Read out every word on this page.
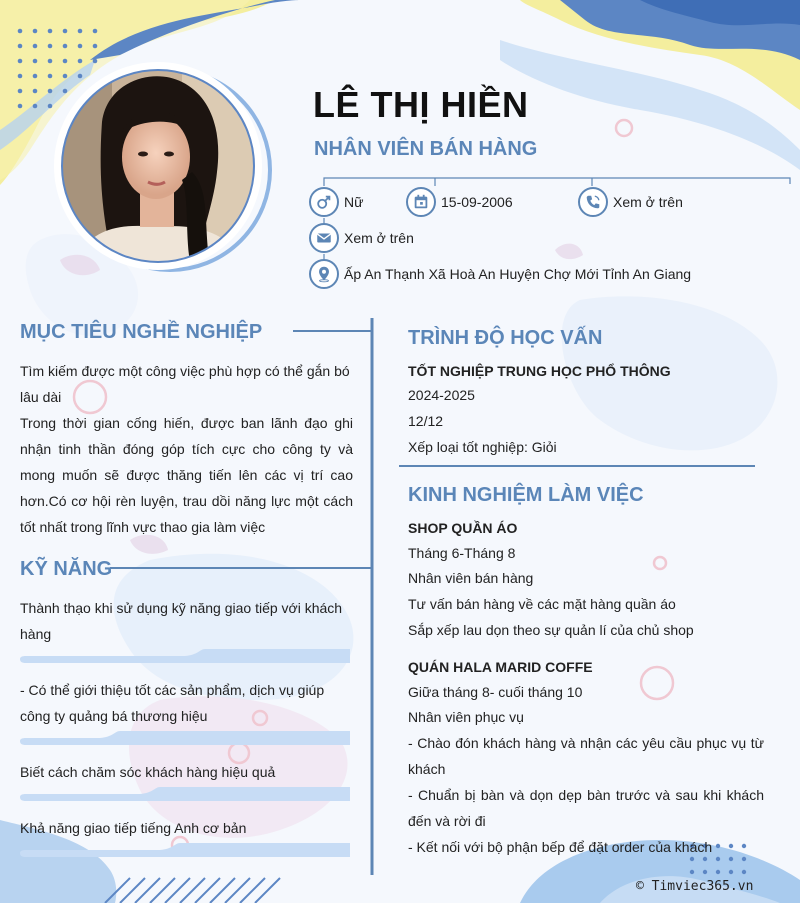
LÊ THỊ HIỀN
NHÂN VIÊN BÁN HÀNG
Nữ	15-09-2006	Xem ở trên
Xem ở trên
Ấp An Thạnh Xã Hoà An Huyện Chợ Mới Tỉnh An Giang
MỤC TIÊU NGHỀ NGHIỆP
Tìm kiếm được một công việc phù hợp có thể gắn bó
lâu dài
Trong thời gian cống hiến, được ban lãnh đạo ghi
nhận tinh thần đóng góp tích cực cho công ty và
mong muốn sẽ được thăng tiến lên các vị trí cao
hơn.Có cơ hội rèn luyện, trau dồi năng lực một cách
tốt nhất trong lĩnh vực thao gia làm việc
KỸ NĂNG
Thành thạo khi sử dụng kỹ năng giao tiếp với khách
hàng
- Có thể giới thiệu tốt các sản phẩm, dịch vụ giúp
công ty quảng bá thương hiệu
Biết cách chăm sóc khách hàng hiệu quả
Khả năng giao tiếp tiếng Anh cơ bản
TRÌNH ĐỘ HỌC VẤN
TỐT NGHIỆP TRUNG HỌC PHỔ THÔNG
2024-2025
12/12
Xếp loại tốt nghiệp: Giỏi
KINH NGHIỆM LÀM VIỆC
SHOP QUẦN ÁO
Tháng 6-Tháng 8
Nhân viên bán hàng
Tư vấn bán hàng về các mặt hàng quần áo
Sắp xếp lau dọn theo sự quản lí của chủ shop
QUÁN HALA MARID COFFE
Giữa tháng 8- cuối tháng 10
Nhân viên phục vụ
- Chào đón khách hàng và nhận các yêu cầu phục vụ từ
khách
- Chuẩn bị bàn và dọn dẹp bàn trước và sau khi khách
đến và rời đi
- Kết nối với bộ phận bếp để đặt order của khách
© Timviec365.vn
